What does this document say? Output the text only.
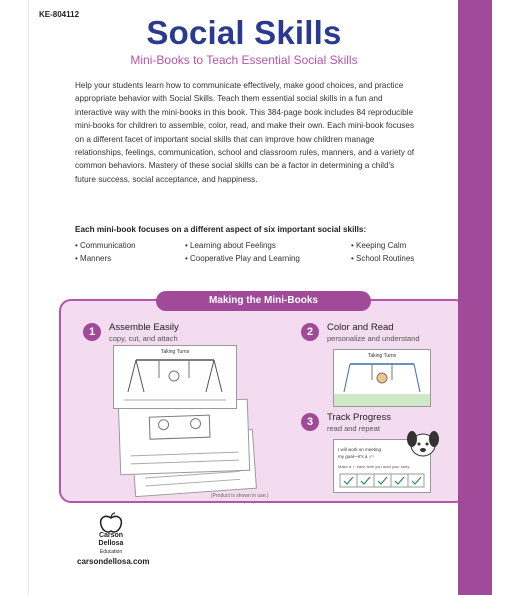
KE-804112	Social Skills
Mini-Books to Teach Essential Social Skills
Help your students learn how to communicate effectively, make good choices, and practice appropriate behavior with Social Skills. Teach them essential social skills in a fun and interactive way with the mini-books in this book. This 384-page book includes 84 reproducible mini-books for children to assemble, color, read, and make their own. Each mini-book focuses on a different facet of important social skills that can improve how children manage relationships, feelings, communication, school and classroom rules, manners, and a variety of common behaviors. Mastery of these social skills can be a factor in determining a child's future success, social acceptance, and happiness.
Each mini-book focuses on a different aspect of six important social skills:
• Communication
• Manners
• Learning about Feelings
• Cooperative Play and Learning
• Keeping Calm
• School Routines
Making the Mini-Books
1	Assemble Easily
copy, cut, and attach
Taking Turns
2	Color and Read
personalize and understand
Taking Turns
3	Track Progress
read and repeat
I will work on meeting
my goal—it's a ✓!
Make a ✓ each time you read your story.
(Product is shown in use.)
Carson
Dellosa
Education
carsondellosa.com
